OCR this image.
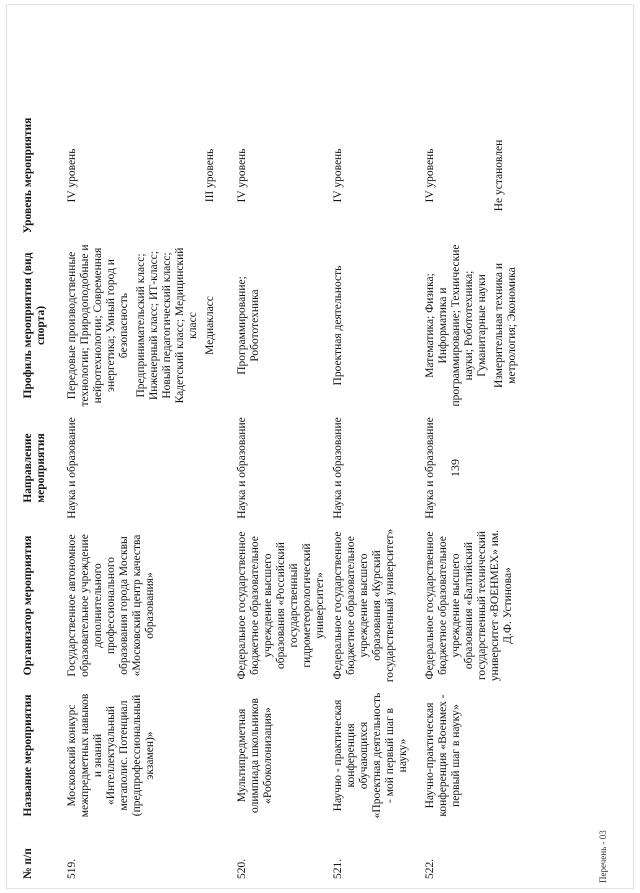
139
№ п/п	Название мероприятия	Организатор мероприятия	Направление мероприятия	Профиль мероприятия (вид спорта)	Уровень мероприятия
519.	Московский конкурс межпредметных навыков и знаний «Интеллектуальный мегаполис. Потенциал (предпрофессиональный экзамен)»	Государственное автономное образовательное учреждение дополнительного профессионального образования города Москвы «Московский центр качества образования»	Наука и образование	Передовые производственные технологии; Природоподобные и нейротехнологии; Современная энергетика; Умный город и безопасность	IV уровень
				Предпринимательский класс; Инженерный класс; ИТ-класс; Новый педагогический класс; Кадетский класс; Медицинский класс	
				Медиакласс	III уровень
520.	Мультипредметная олимпиада школьников «Робоколонизация»	Федеральное государственное бюджетное образовательное учреждение высшего образования «Российский государственный гидрометеорологический университет»	Наука и образование	Программирование; Робототехника	IV уровень
521.	Научно - практическая конференция обучающихся «Проектная деятельность - мой первый шаг в науку»	Федеральное государственное бюджетное образовательное учреждение высшего образования «Курский государственный университет»	Наука и образование	Проектная деятельность	IV уровень
522.	Научно-практическая конференция «Военмех - первый шаг в науку»	Федеральное государственное бюджетное образовательное учреждение высшего образования «Балтийский государственный технический университет «ВОЕНМЕХ» им. Д.Ф. Устинова»	Наука и образование	Математика; Физика; Информатика и программирование; Технические науки; Робототехника; Гуманитарные науки	IV уровень
				Измерительная техника и метрология; Экономика	Не установлен
Перечень - 03
